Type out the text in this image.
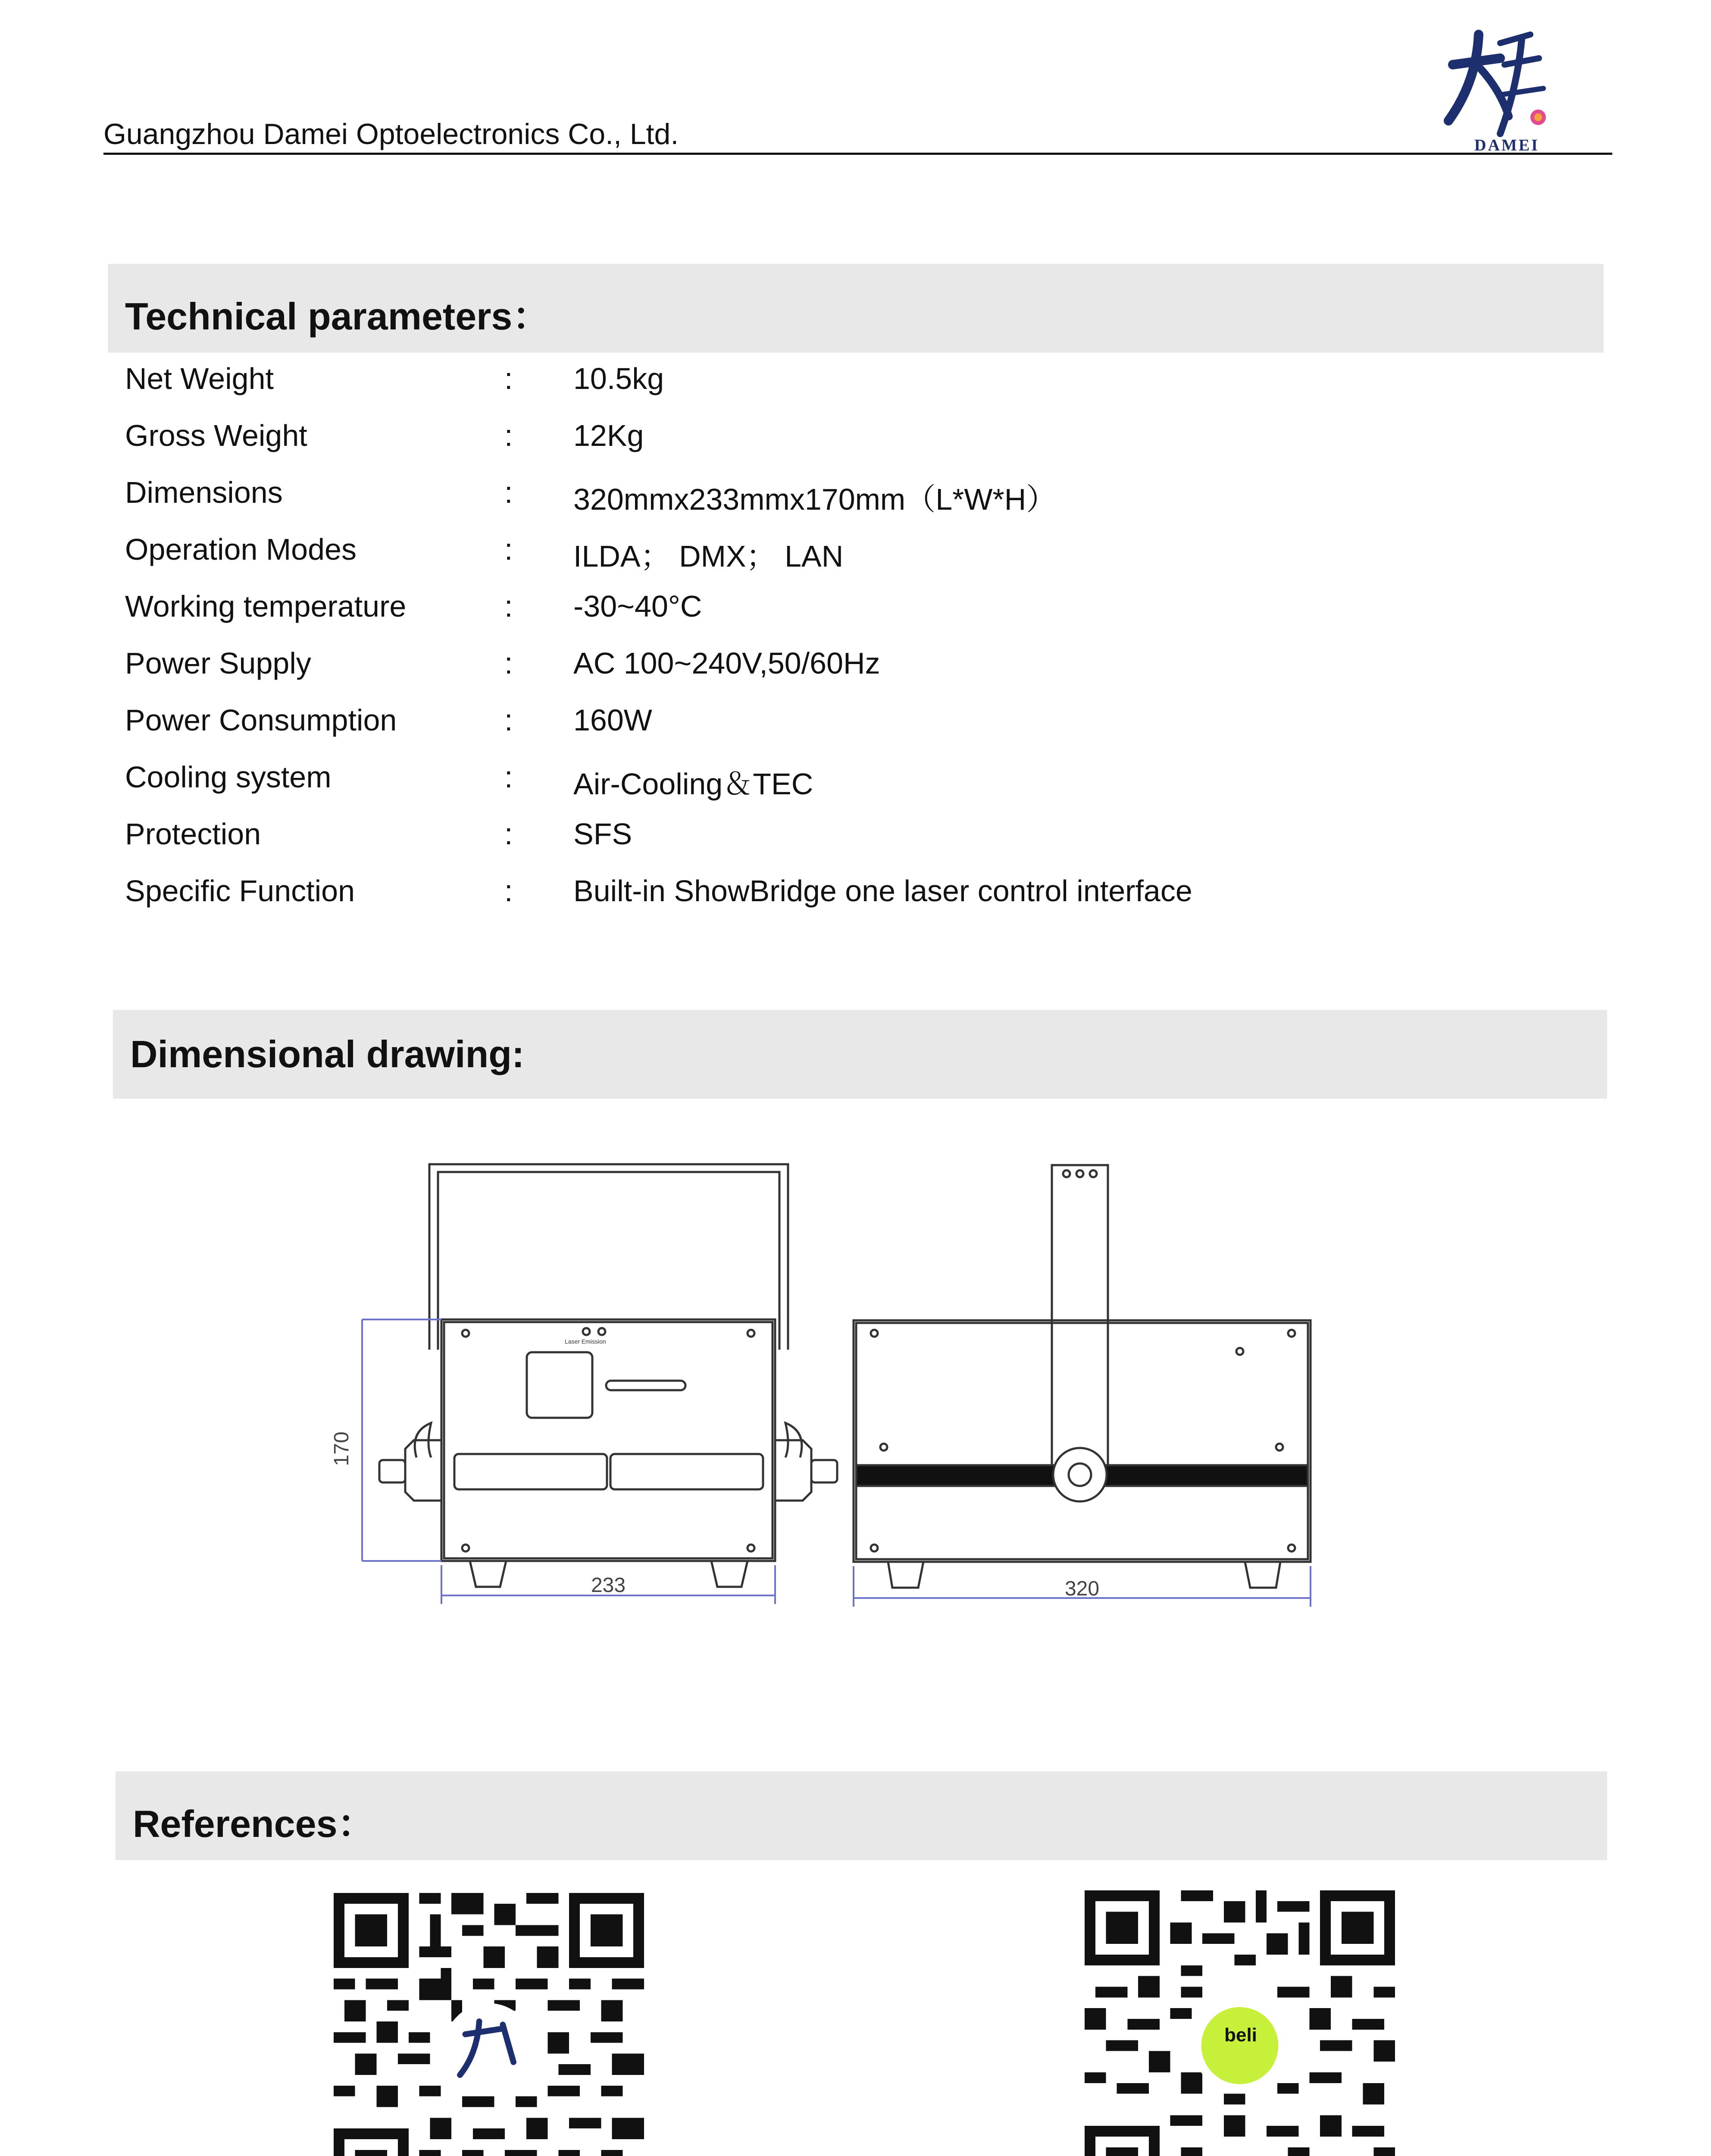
Guangzhou Damei Optoelectronics Co., Ltd.	DAMEI
Technical parameters：
Net Weight	: 10.5kg
Gross Weight	: 12Kg
Dimensions	: 320mmx233mmx170mm（L*W*H）
Operation Modes	: ILDA； DMX； LAN
Working temperature	: -30~40°C
Power Supply	: AC 100~240V,50/60Hz
Power Consumption	: 160W
Cooling system	: Air-Cooling＆TEC
Protection	: SFS
Specific Function	: Built-in ShowBridge one laser control interface
Dimensional drawing:
170
233	320
Laser Emission
References：
beli
